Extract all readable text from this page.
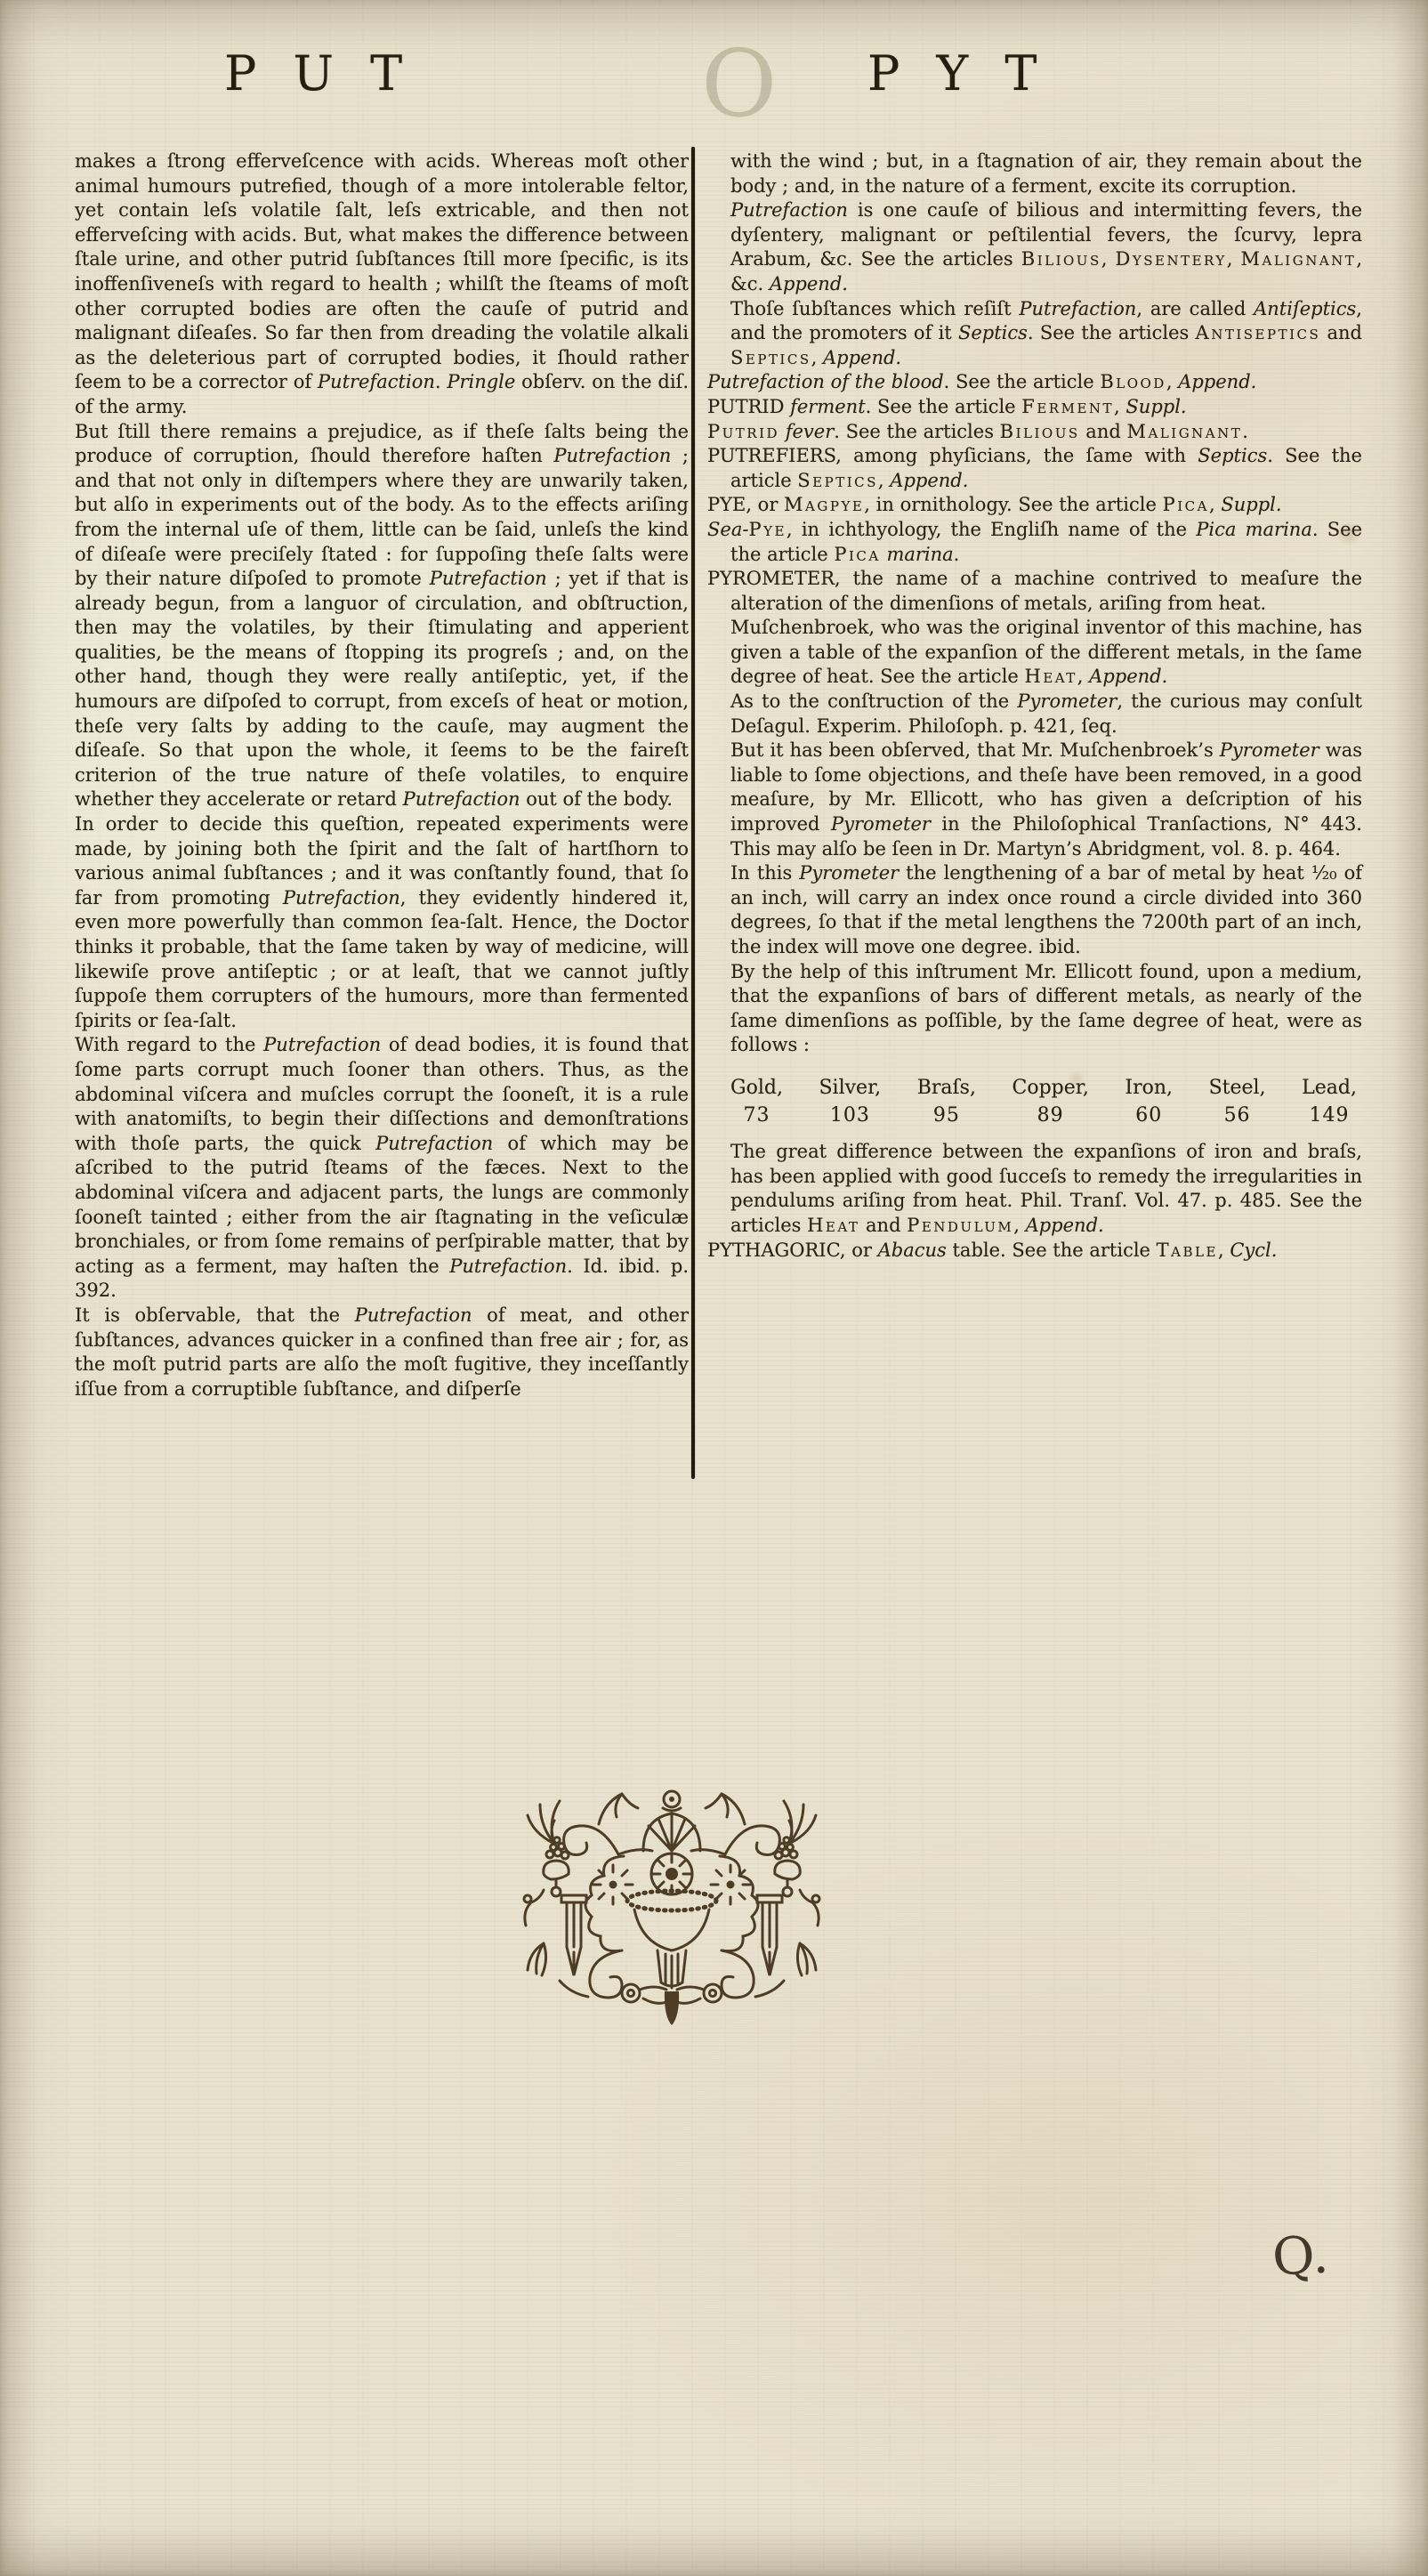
P U T	P Y T
O

makes a ſtrong efferveſcence with acids. Whereas moſt other animal humours putrefied, though of a more intolerable feltor, yet contain leſs volatile ſalt, leſs extricable, and then not efferveſcing with acids. But, what makes the difference between ſtale urine, and other putrid ſubſtances ſtill more ſpecific, is its inoffenſiveneſs with regard to health ; whilſt the ſteams of moſt other corrupted bodies are often the cauſe of putrid and malignant diſeaſes. So far then from dreading the volatile alkali as the deleterious part of corrupted bodies, it ſhould rather ſeem to be a corrector of Putrefaction. Pringle obſerv. on the diſ. of the army.

But ſtill there remains a prejudice, as if theſe ſalts being the produce of corruption, ſhould therefore haſten Putrefaction ; and that not only in diſtempers where they are unwarily taken, but alſo in experiments out of the body. As to the effects ariſing from the internal uſe of them, little can be ſaid, unleſs the kind of diſeaſe were preciſely ſtated : for ſuppoſing theſe ſalts were by their nature diſpoſed to promote Putrefaction ; yet if that is already begun, from a languor of circulation, and obſtruction, then may the volatiles, by their ſtimulating and apperient qualities, be the means of ſtopping its progreſs ; and, on the other hand, though they were really antiſeptic, yet, if the humours are diſpoſed to corrupt, from exceſs of heat or motion, theſe very ſalts by adding to the cauſe, may augment the diſeaſe. So that upon the whole, it ſeems to be the faireſt criterion of the true nature of theſe volatiles, to enquire whether they accelerate or retard Putrefaction out of the body.

In order to decide this queſtion, repeated experiments were made, by joining both the ſpirit and the ſalt of hartſhorn to various animal ſubſtances ; and it was conſtantly found, that ſo far from promoting Putrefaction, they evidently hindered it, even more powerfully than common ſea-ſalt. Hence, the Doctor thinks it probable, that the ſame taken by way of medicine, will likewiſe prove antiſeptic ; or at leaſt, that we cannot juſtly ſuppoſe them corrupters of the humours, more than fermented ſpirits or ſea-ſalt.

With regard to the Putrefaction of dead bodies, it is found that ſome parts corrupt much ſooner than others. Thus, as the abdominal viſcera and muſcles corrupt the ſooneſt, it is a rule with anatomiſts, to begin their diſſections and demonſtrations with thoſe parts, the quick Putrefaction of which may be aſcribed to the putrid ſteams of the fæces. Next to the abdominal viſcera and adjacent parts, the lungs are commonly ſooneſt tainted ; either from the air ſtagnating in the veſiculæ bronchiales, or from ſome remains of perſpirable matter, that by acting as a ferment, may haſten the Putrefaction. Id. ibid. p. 392.

It is obſervable, that the Putrefaction of meat, and other ſubſtances, advances quicker in a confined than free air ; for, as the moſt putrid parts are alſo the moſt fugitive, they inceſſantly iſſue from a corruptible ſubſtance, and diſperſe

with the wind ; but, in a ſtagnation of air, they remain about the body ; and, in the nature of a ferment, excite its corruption.

Putrefaction is one cauſe of bilious and intermitting fevers, the dyſentery, malignant or peſtilential fevers, the ſcurvy, lepra Arabum, &c. See the articles Bilious, Dysentery, Malignant, &c. Append.

Thoſe ſubſtances which reſiſt Putrefaction, are called Antiſeptics, and the promoters of it Septics. See the articles Antiseptics and Septics, Append.

Putrefaction of the blood. See the article Blood, Append.

PUTRID ferment. See the article Ferment, Suppl.

Putrid fever. See the articles Bilious and Malignant.

PUTREFIERS, among phyſicians, the ſame with Septics. See the article Septics, Append.

PYE, or Magpye, in ornithology. See the article Pica, Suppl.

Sea-Pye, in ichthyology, the Engliſh name of the Pica marina. See the article Pica marina.

PYROMETER, the name of a machine contrived to meaſure the alteration of the dimenſions of metals, ariſing from heat.

Muſchenbroek, who was the original inventor of this machine, has given a table of the expanſion of the different metals, in the ſame degree of heat. See the article Heat, Append.

As to the conſtruction of the Pyrometer, the curious may conſult Deſagul. Experim. Philoſoph. p. 421, ſeq.

But it has been obſerved, that Mr. Muſchenbroek’s Pyrometer was liable to ſome objections, and theſe have been removed, in a good meaſure, by Mr. Ellicott, who has given a deſcription of his improved Pyrometer in the Philoſophical Tranſactions, N° 443. This may alſo be ſeen in Dr. Martyn’s Abridgment, vol. 8. p. 464.

In this Pyrometer the lengthening of a bar of metal by heat ¹⁄₂₀ of an inch, will carry an index once round a circle divided into 360 degrees, ſo that if the metal lengthens the 7200th part of an inch, the index will move one degree. ibid.

By the help of this inſtrument Mr. Ellicott found, upon a medium, that the expanſions of bars of different metals, as nearly of the ſame dimenſions as poſſible, by the ſame degree of heat, were as follows :

Gold,
73
Silver,
103
Braſs,
95
Copper,
89
Iron,
60
Steel,
56
Lead,
149

The great difference between the expanſions of iron and braſs, has been applied with good ſucceſs to remedy the irregularities in pendulums ariſing from heat. Phil. Tranſ. Vol. 47. p. 485. See the articles Heat and Pendulum, Append.

PYTHAGORIC, or Abacus table. See the article Table, Cycl.

Q.
